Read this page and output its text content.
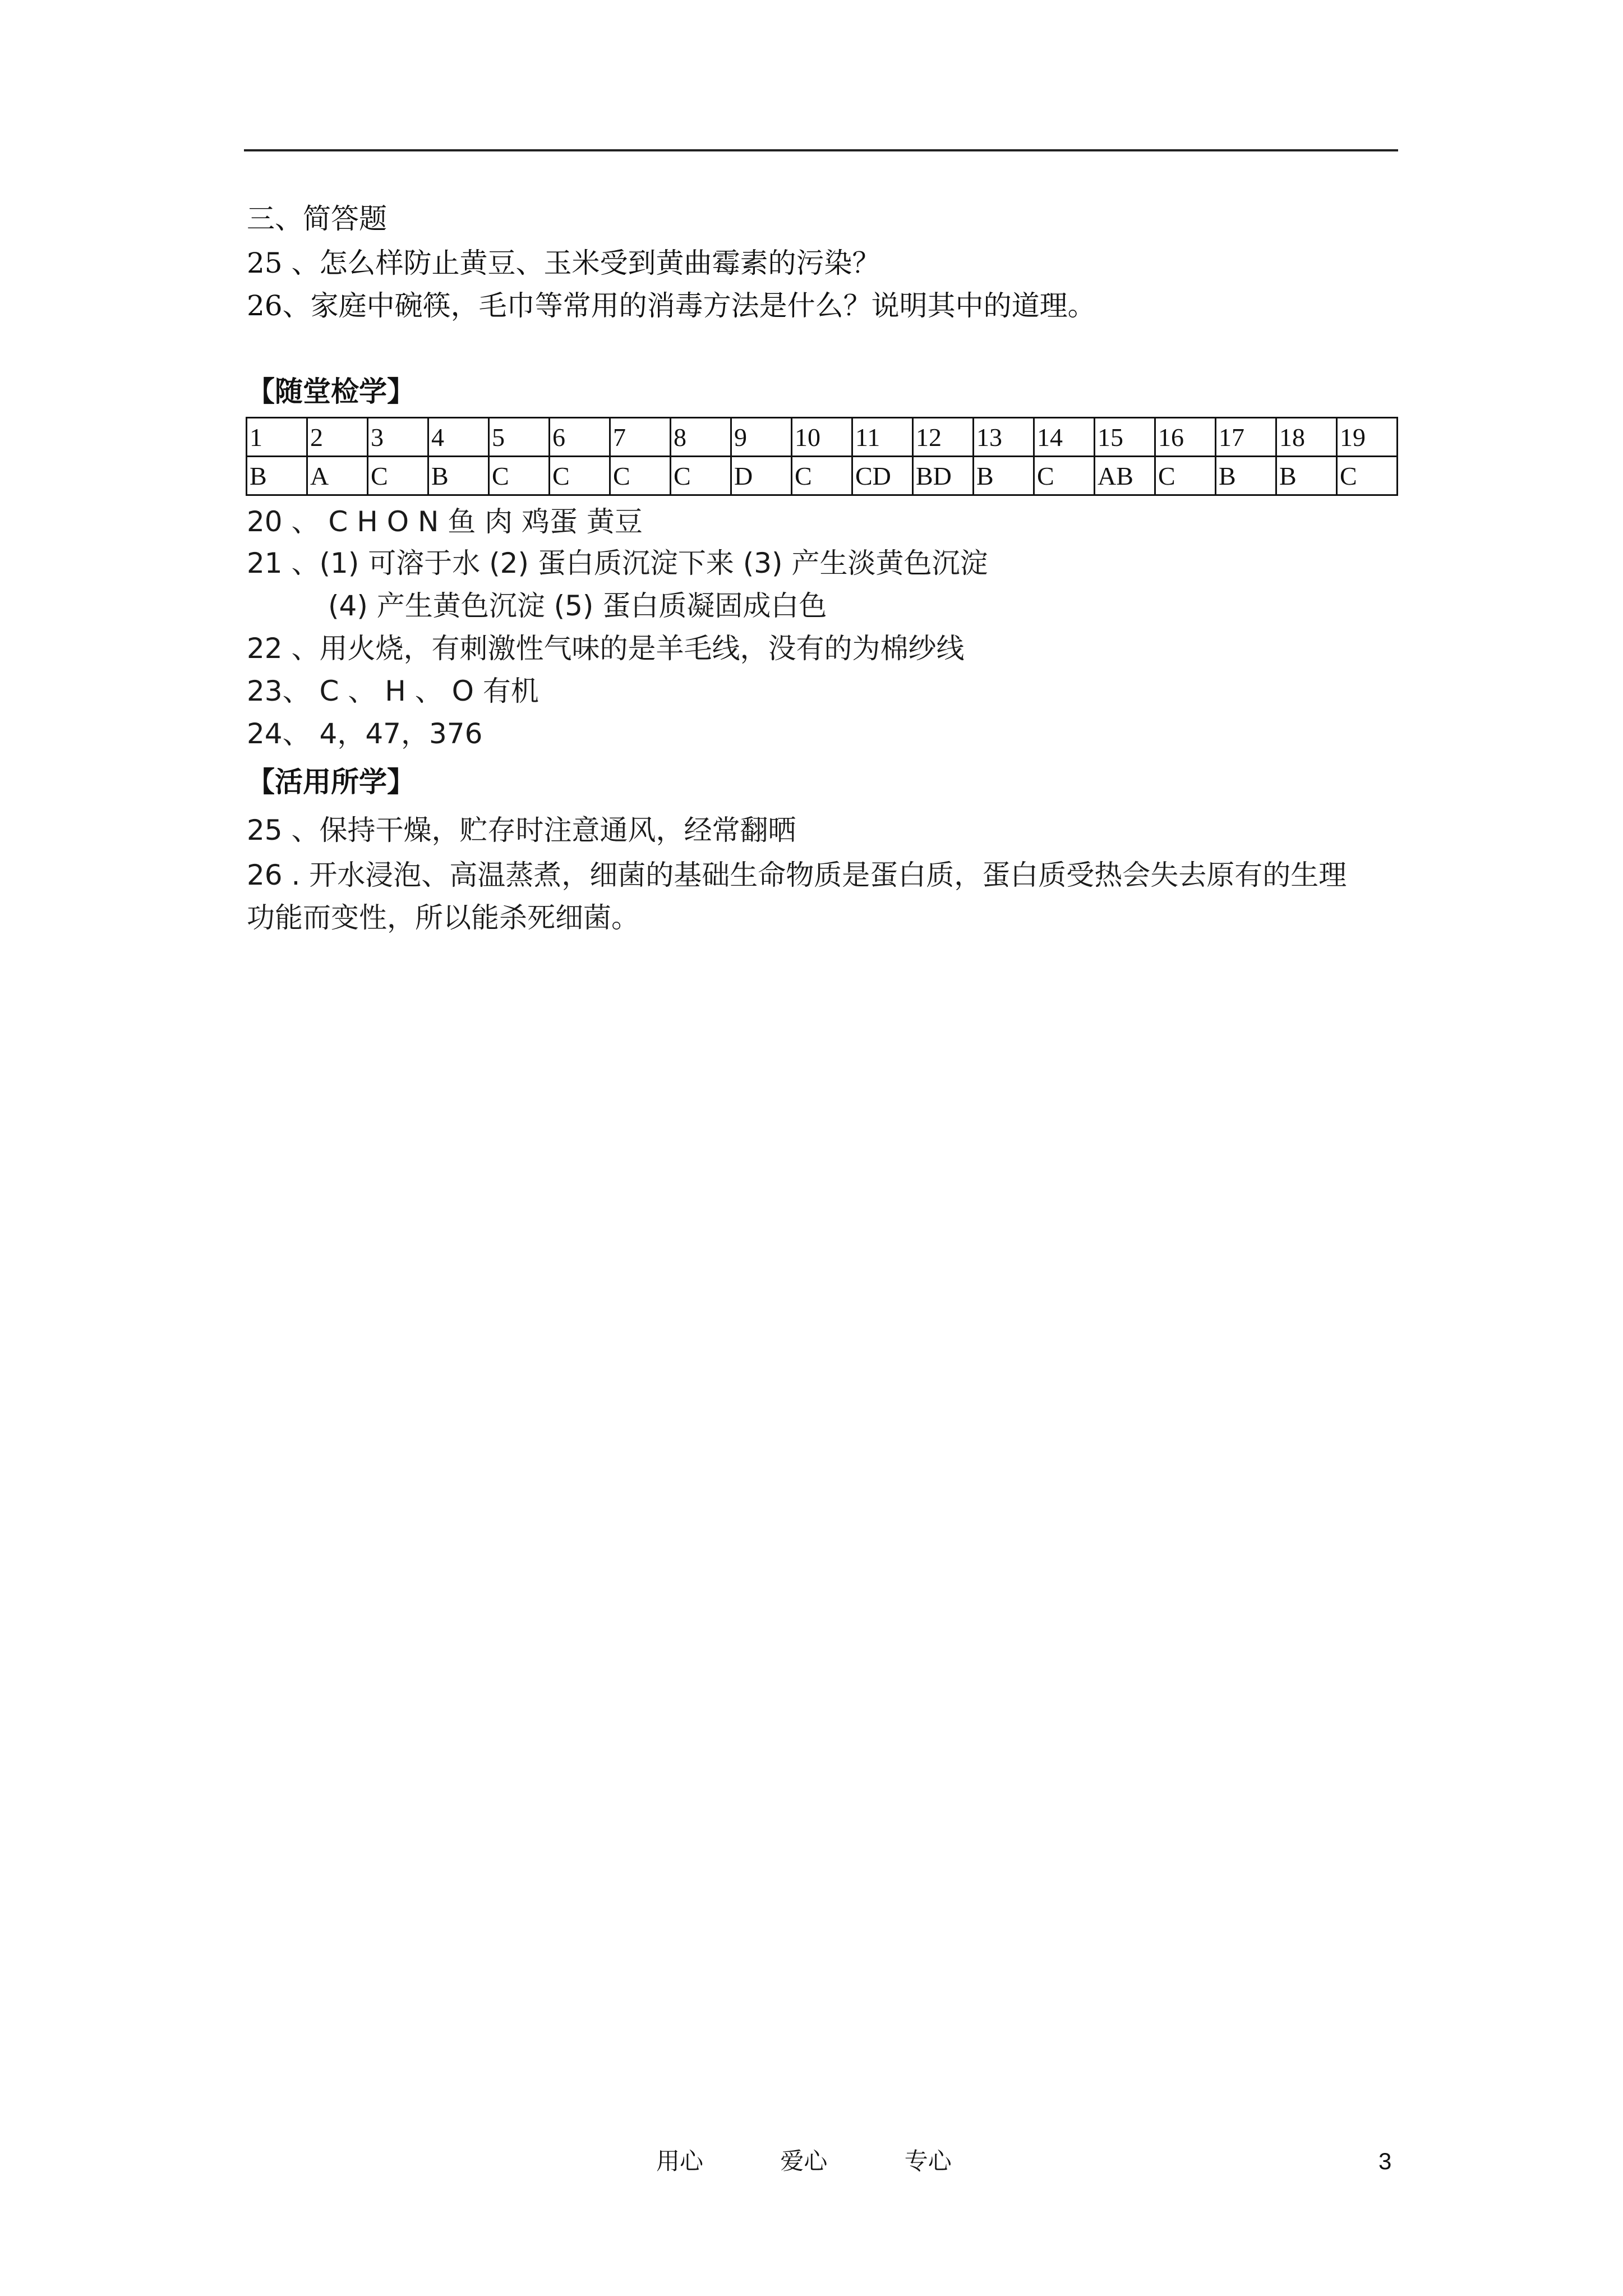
三、简答题
25 、怎么样防止黄豆、玉米受到黄曲霉素的污染？
26、家庭中碗筷，毛巾等常用的消毒方法是什么？说明其中的道理。
【随堂检学】
1	2	3	4	5	6	7	8	9	10	11	12	13	14	15	16	17	18	19
B	A	C	B	C	C	C	C	D	C	CD	BD	B	C	AB	C	B	B	C
20 、 C H O N 鱼 肉 鸡蛋 黄豆
21 、(1) 可溶于水 (2) 蛋白质沉淀下来 (3) 产生淡黄色沉淀
(4) 产生黄色沉淀 (5) 蛋白质凝固成白色
22 、用火烧，有刺激性气味的是羊毛线，没有的为棉纱线
23、 C 、 H 、 O 有机
24、 4，47，376
【活用所学】
25 、保持干燥，贮存时注意通风，经常翻晒
26 . 开水浸泡、高温蒸煮，细菌的基础生命物质是蛋白质，蛋白质受热会失去原有的生理
功能而变性，所以能杀死细菌。
用心	爱心	专心	3
